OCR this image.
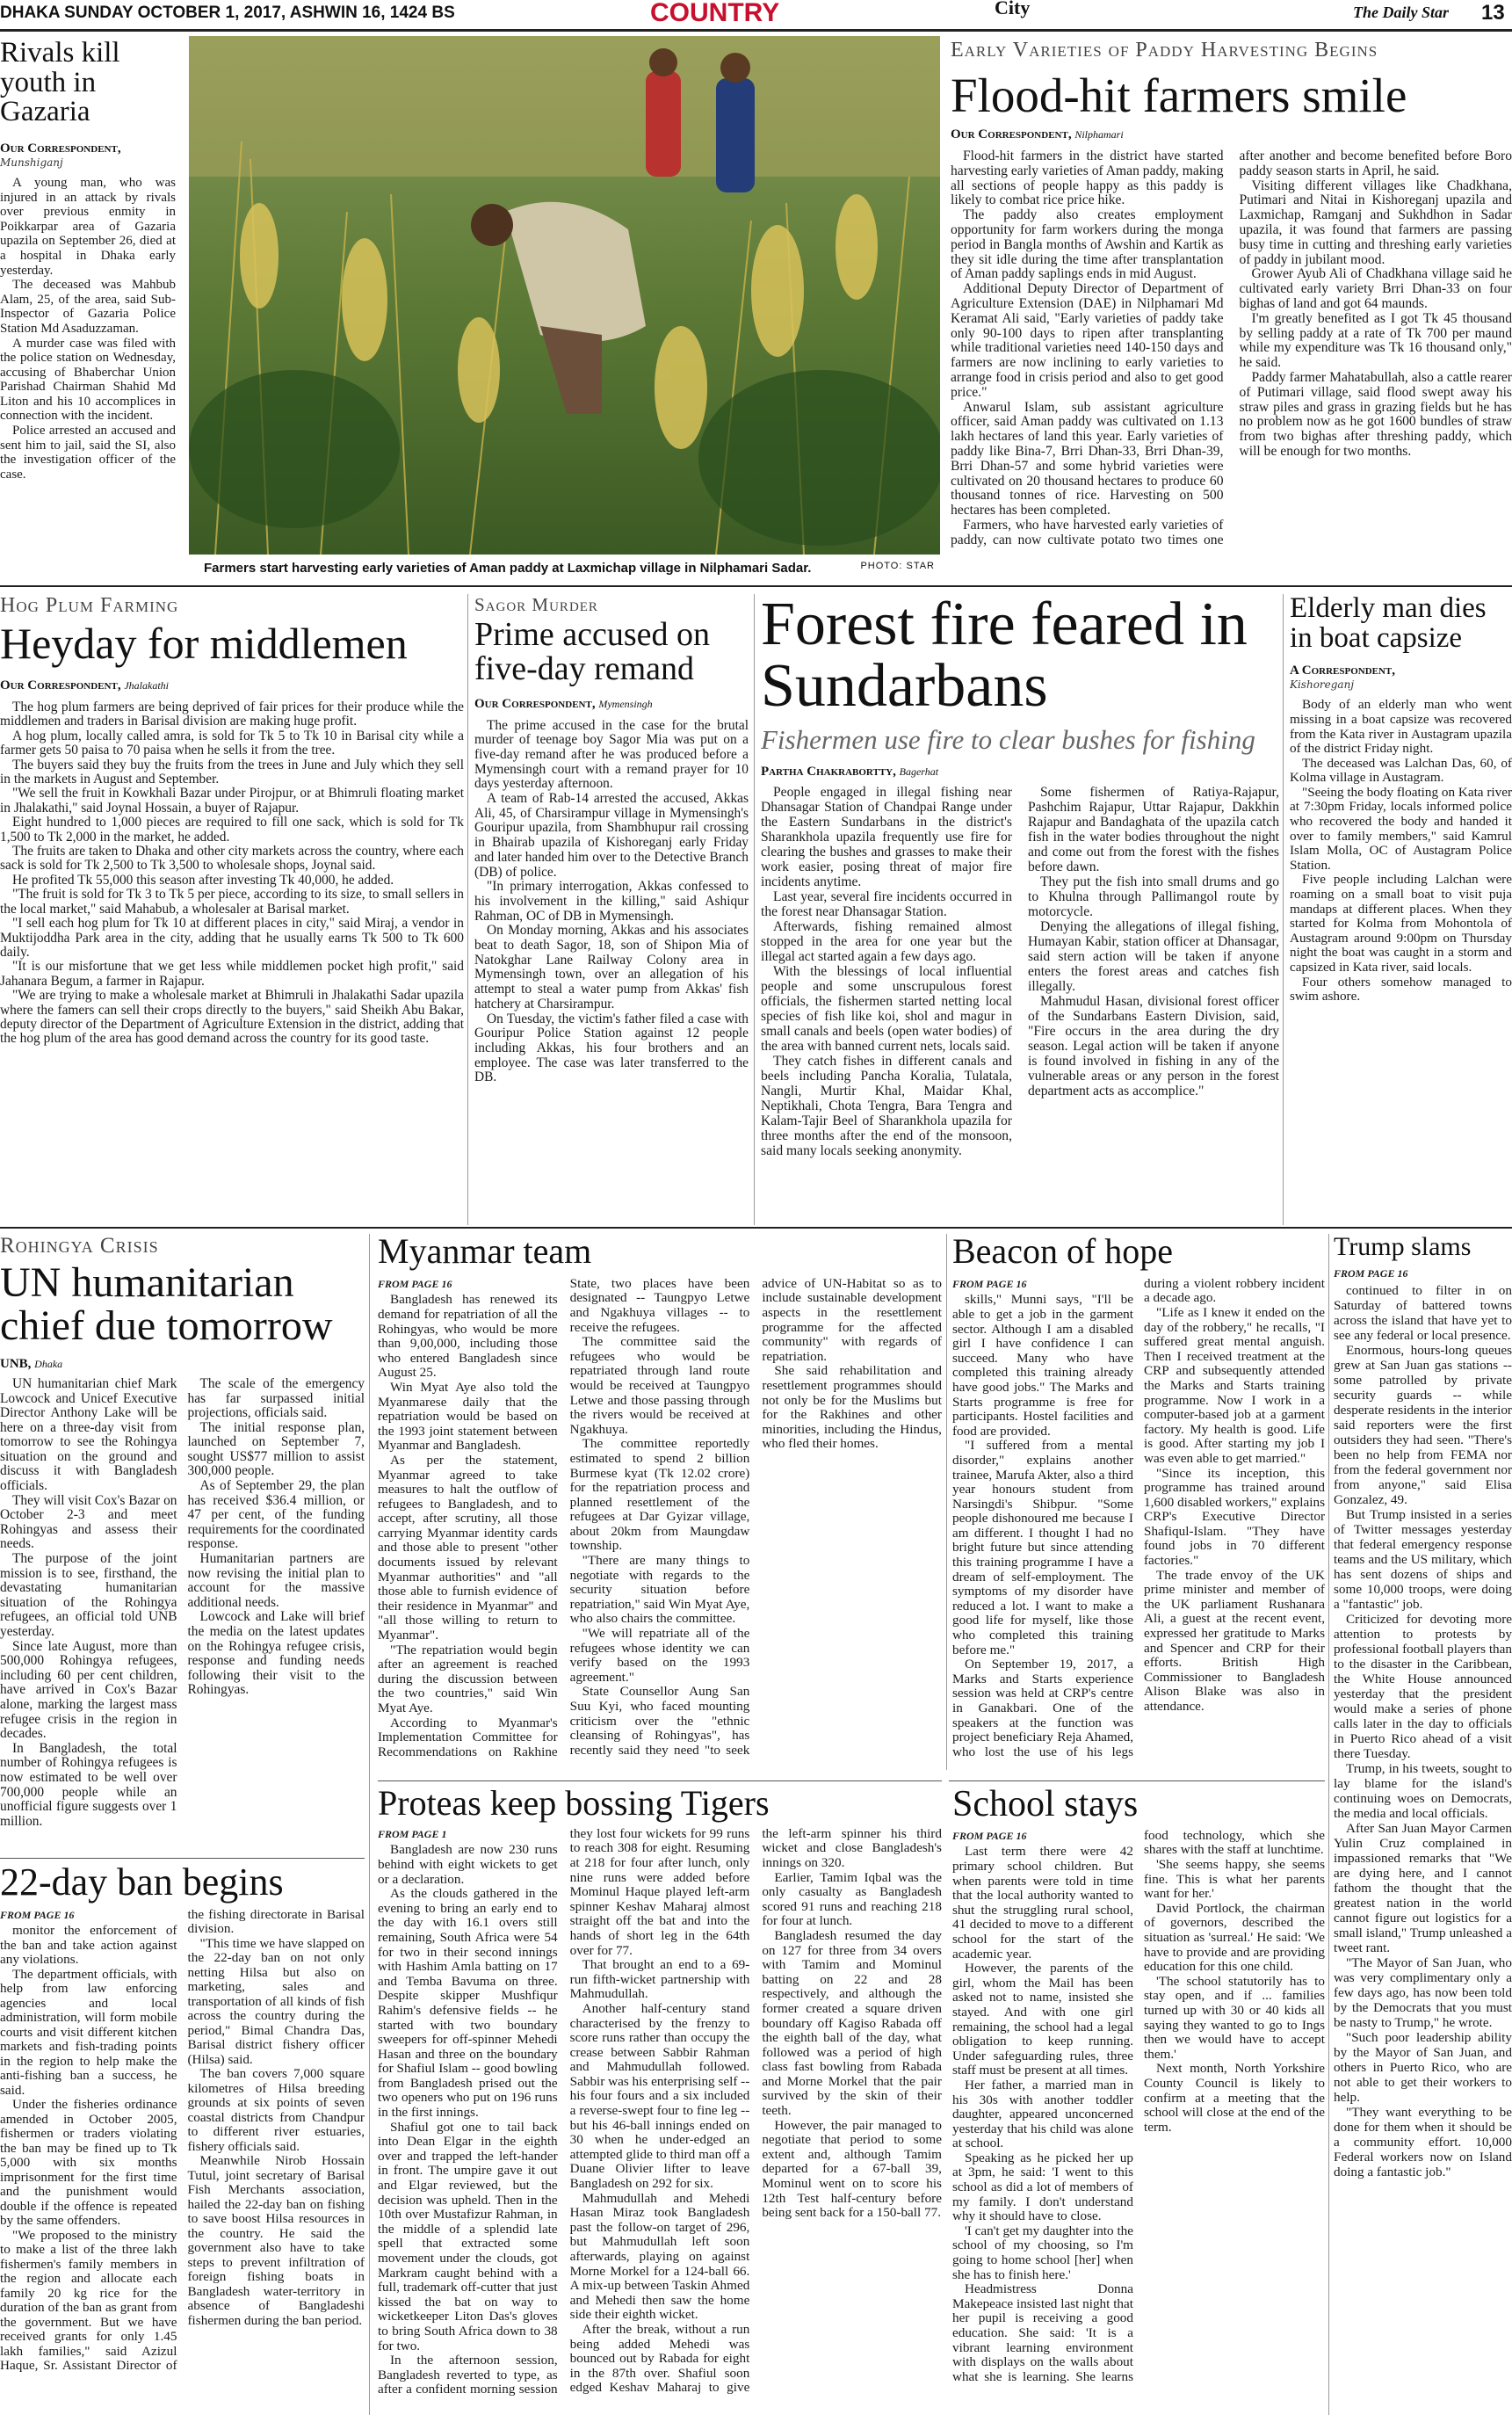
DHAKA SUNDAY OCTOBER 1, 2017, ASHWIN 16, 1424 BS	COUNTRY	City	The Daily Star 13
Rivals kill youth in Gazaria
Our Correspondent,
Munshiganj

A young man, who was injured in an attack by rivals over previous enmity in Poikkarpar area of Gazaria upazila on September 26, died at a hospital in Dhaka early yesterday.

The deceased was Mahbub Alam, 25, of the area, said Sub-Inspector of Gazaria Police Station Md Asaduzzaman.

A murder case was filed with the police station on Wednesday, accusing of Bhaberchar Union Parishad Chairman Shahid Md Liton and his 10 accomplices in connection with the incident.

Police arrested an accused and sent him to jail, said the SI, also the investigation officer of the case.

Farmers start harvesting early varieties of Aman paddy at Laxmichap village in Nilphamari Sadar.	PHOTO: STAR
Early Varieties of Paddy Harvesting Begins
Flood-hit farmers smile
Our Correspondent, Nilphamari

Flood-hit farmers in the district have started harvesting early varieties of Aman paddy, making all sections of people happy as this paddy is likely to combat rice price hike.

The paddy also creates employment opportunity for farm workers during the monga period in Bangla months of Awshin and Kartik as they sit idle during the time after transplantation of Aman paddy saplings ends in mid August.

Additional Deputy Director of Department of Agriculture Extension (DAE) in Nilphamari Md Keramat Ali said, "Early varieties of paddy take only 90-100 days to ripen after transplanting while traditional varieties need 140-150 days and farmers are now inclining to early varieties to arrange food in crisis period and also to get good price."

Anwarul Islam, sub assistant agriculture officer, said Aman paddy was cultivated on 1.13 lakh hectares of land this year. Early varieties of paddy like Bina-7, Brri Dhan-33, Brri Dhan-39, Brri Dhan-57 and some hybrid varieties were cultivated on 20 thousand hectares to produce 60 thousand tonnes of rice. Harvesting on 500 hectares has been completed.

Farmers, who have harvested early varieties of paddy, can now cultivate potato two times one after another and become benefited before Boro paddy season starts in April, he said.

Visiting different villages like Chadkhana, Putimari and Nitai in Kishoreganj upazila and Laxmichap, Ramganj and Sukhdhon in Sadar upazila, it was found that farmers are passing busy time in cutting and threshing early varieties of paddy in jubilant mood.

Grower Ayub Ali of Chadkhana village said he cultivated early variety Brri Dhan-33 on four bighas of land and got 64 maunds.

I'm greatly benefited as I got Tk 45 thousand by selling paddy at a rate of Tk 700 per maund while my expenditure was Tk 16 thousand only," he said.

Paddy farmer Mahatabullah, also a cattle rearer of Putimari village, said flood swept away his straw piles and grass in grazing fields but he has no problem now as he got 1600 bundles of straw from two bighas after threshing paddy, which will be enough for two months.

Hog Plum Farming
Heyday for middlemen
Our Correspondent, Jhalakathi

The hog plum farmers are being deprived of fair prices for their produce while the middlemen and traders in Barisal division are making huge profit.

A hog plum, locally called amra, is sold for Tk 5 to Tk 10 in Barisal city while a farmer gets 50 paisa to 70 paisa when he sells it from the tree.

The buyers said they buy the fruits from the trees in June and July which they sell in the markets in August and September.

"We sell the fruit in Kowkhali Bazar under Pirojpur, or at Bhimruli floating market in Jhalakathi," said Joynal Hossain, a buyer of Rajapur.

Eight hundred to 1,000 pieces are required to fill one sack, which is sold for Tk 1,500 to Tk 2,000 in the market, he added.

The fruits are taken to Dhaka and other city markets across the country, where each sack is sold for Tk 2,500 to Tk 3,500 to wholesale shops, Joynal said.

He profited Tk 55,000 this season after investing Tk 40,000, he added.

"The fruit is sold for Tk 3 to Tk 5 per piece, according to its size, to small sellers in the local market," said Mahabub, a wholesaler at Barisal market.

"I sell each hog plum for Tk 10 at different places in city," said Miraj, a vendor in Muktijoddha Park area in the city, adding that he usually earns Tk 500 to Tk 600 daily.

"It is our misfortune that we get less while middlemen pocket high profit," said Jahanara Begum, a farmer in Rajapur.

"We are trying to make a wholesale market at Bhimruli in Jhalakathi Sadar upazila where the famers can sell their crops directly to the buyers," said Sheikh Abu Bakar, deputy director of the Department of Agriculture Extension in the district, adding that the hog plum of the area has good demand across the country for its good taste.

Sagor Murder
Prime accused on five-day remand
Our Correspondent, Mymensingh

The prime accused in the case for the brutal murder of teenage boy Sagor Mia was put on a five-day remand after he was produced before a Mymensingh court with a remand prayer for 10 days yesterday afternoon.

A team of Rab-14 arrested the accused, Akkas Ali, 45, of Charsirampur village in Mymensingh's Gouripur upazila, from Shambhupur rail crossing in Bhairab upazila of Kishoreganj early Friday and later handed him over to the Detective Branch (DB) of police.

"In primary interrogation, Akkas confessed to his involvement in the killing," said Ashiqur Rahman, OC of DB in Mymensingh.

On Monday morning, Akkas and his associates beat to death Sagor, 18, son of Shipon Mia of Natokghar Lane Railway Colony area in Mymensingh town, over an allegation of his attempt to steal a water pump from Akkas' fish hatchery at Charsirampur.

On Tuesday, the victim's father filed a case with Gouripur Police Station against 12 people including Akkas, his four brothers and an employee. The case was later transferred to the DB.

Forest fire feared in Sundarbans
Fishermen use fire to clear bushes for fishing
Partha Chakrabortty, Bagerhat

People engaged in illegal fishing near Dhansagar Station of Chandpai Range under the Eastern Sundarbans in the district's Sharankhola upazila frequently use fire for clearing the bushes and grasses to make their work easier, posing threat of major fire incidents anytime.

Last year, several fire incidents occurred in the forest near Dhansagar Station.

Afterwards, fishing remained almost stopped in the area for one year but the illegal act started again a few days ago.

With the blessings of local influential people and some unscrupulous forest officials, the fishermen started netting local species of fish like koi, shol and magur in small canals and beels (open water bodies) of the area with banned current nets, locals said.

They catch fishes in different canals and beels including Pancha Koralia, Tulatala, Nangli, Murtir Khal, Maidar Khal, Neptikhali, Chota Tengra, Bara Tengra and Kalam-Tajir Beel of Sharankhola upazila for three months after the end of the monsoon, said many locals seeking anonymity.

Some fishermen of Ratiya-Rajapur, Pashchim Rajapur, Uttar Rajapur, Dakkhin Rajapur and Bandaghata of the upazila catch fish in the water bodies throughout the night and come out from the forest with the fishes before dawn.

They put the fish into small drums and go to Khulna through Pallimangol route by motorcycle.

Denying the allegations of illegal fishing, Humayan Kabir, station officer at Dhansagar, said stern action will be taken if anyone enters the forest areas and catches fish illegally.

Mahmudul Hasan, divisional forest officer of the Sundarbans Eastern Division, said, "Fire occurs in the area during the dry season. Legal action will be taken if anyone is found involved in fishing in any of the vulnerable areas or any person in the forest department acts as accomplice."

Elderly man dies in boat capsize
A Correspondent,
Kishoreganj

Body of an elderly man who went missing in a boat capsize was recovered from the Kata river in Austagram upazila of the district Friday night.

The deceased was Lalchan Das, 60, of Kolma village in Austagram.

"Seeing the body floating on Kata river at 7:30pm Friday, locals informed police who recovered the body and handed it over to family members," said Kamrul Islam Molla, OC of Austagram Police Station.

Five people including Lalchan were roaming on a small boat to visit puja mandaps at different places. When they started for Kolma from Mohontola of Austagram around 9:00pm on Thursday night the boat was caught in a storm and capsized in Kata river, said locals.

Four others somehow managed to swim ashore.

Rohingya Crisis
UN humanitarian chief due tomorrow
UNB, Dhaka

UN humanitarian chief Mark Lowcock and Unicef Executive Director Anthony Lake will be here on a three-day visit from tomorrow to see the Rohingya situation on the ground and discuss it with Bangladesh officials.

They will visit Cox's Bazar on October 2-3 and meet Rohingyas and assess their needs.

The purpose of the joint mission is to see, firsthand, the devastating humanitarian situation of the Rohingya refugees, an official told UNB yesterday.

Since late August, more than 500,000 Rohingya refugees, including 60 per cent children, have arrived in Cox's Bazar alone, marking the largest mass refugee crisis in the region in decades.

In Bangladesh, the total number of Rohingya refugees is now estimated to be well over 700,000 people while an unofficial figure suggests over 1 million.

The scale of the emergency has far surpassed initial projections, officials said.

The initial response plan, launched on September 7, sought US$77 million to assist 300,000 people.

As of September 29, the plan has received $36.4 million, or 47 per cent, of the funding requirements for the coordinated response.

Humanitarian partners are now revising the initial plan to account for the massive additional needs.

Lowcock and Lake will brief the media on the latest updates on the Rohingya refugee crisis, response and funding needs following their visit to the Rohingyas.

22-day ban begins
FROM PAGE 16

monitor the enforcement of the ban and take action against any violations.

The department officials, with help from law enforcing agencies and local administration, will form mobile courts and visit different kitchen markets and fish-trading points in the region to help make the anti-fishing ban a success, he said.

Under the fisheries ordinance amended in October 2005, fishermen or traders violating the ban may be fined up to Tk 5,000 with six months imprisonment for the first time and the punishment would double if the offence is repeated by the same offenders.

"We proposed to the ministry to make a list of the three lakh fishermen's family members in the region and allocate each family 20 kg rice for the duration of the ban as grant from the government. But we have received grants for only 1.45 lakh families," said Azizul Haque, Sr. Assistant Director of the fishing directorate in Barisal division.

"This time we have slapped on the 22-day ban on not only netting Hilsa but also on marketing, sales and transportation of all kinds of fish across the country during the period," Bimal Chandra Das, Barisal district fishery officer (Hilsa) said.

The ban covers 7,000 square kilometres of Hilsa breeding grounds at six points of seven coastal districts from Chandpur to different river estuaries, fishery officials said.

Meanwhile Nirob Hossain Tutul, joint secretary of Barisal Fish Merchants association, hailed the 22-day ban on fishing to save boost Hilsa resources in the country. He said the government also have to take steps to prevent infiltration of foreign fishing boats in Bangladesh water-territory in absence of Bangladeshi fishermen during the ban period.

Myanmar team
FROM PAGE 16

Bangladesh has renewed its demand for repatriation of all the Rohingyas, who would be more than 9,00,000, including those who entered Bangladesh since August 25.

Win Myat Aye also told the Myanmarese daily that the repatriation would be based on the 1993 joint statement between Myanmar and Bangladesh.

As per the statement, Myanmar agreed to take measures to halt the outflow of refugees to Bangladesh, and to accept, after scrutiny, all those carrying Myanmar identity cards and those able to present "other documents issued by relevant Myanmar authorities" and "all those able to furnish evidence of their residence in Myanmar" and "all those willing to return to Myanmar".

"The repatriation would begin after an agreement is reached during the discussion between the two countries," said Win Myat Aye.

According to Myanmar's Implementation Committee for Recommendations on Rakhine State, two places have been designated -- Taungpyo Letwe and Ngakhuya villages -- to receive the refugees.

The committee said the refugees who would be repatriated through land route would be received at Taungpyo Letwe and those passing through the rivers would be received at Ngakhuya.

The committee reportedly estimated to spend 2 billion Burmese kyat (Tk 12.02 crore) for the repatriation process and planned resettlement of the refugees at Dar Gyizar village, about 20km from Maungdaw township.

"There are many things to negotiate with regards to the security situation before repatriation," said Win Myat Aye, who also chairs the committee.

"We will repatriate all of the refugees whose identity we can verify based on the 1993 agreement."

State Counsellor Aung San Suu Kyi, who faced mounting criticism over the "ethnic cleansing of Rohingyas", has recently said they need "to seek advice of UN-Habitat so as to include sustainable development aspects in the resettlement programme for the affected community" with regards of repatriation.

She said rehabilitation and resettlement programmes should not only be for the Muslims but for the Rakhines and other minorities, including the Hindus, who fled their homes.

Beacon of hope
FROM PAGE 16

skills," Munni says, "I'll be able to get a job in the garment sector. Although I am a disabled girl I have confidence I can succeed. Many who have completed this training already have good jobs." The Marks and Starts programme is free for participants. Hostel facilities and food are provided.

"I suffered from a mental disorder," explains another trainee, Marufa Akter, also a third year honours student from Narsingdi's Shibpur. "Some people dishonoured me because I am different. I thought I had no bright future but since attending this training programme I have a dream of self-employment. The symptoms of my disorder have reduced a lot. I want to make a good life for myself, like those who completed this training before me."

On September 19, 2017, a Marks and Starts experience session was held at CRP's centre in Ganakbari. One of the speakers at the function was project beneficiary Reja Ahamed, who lost the use of his legs during a violent robbery incident a decade ago.

"Life as I knew it ended on the day of the robbery," he recalls, "I suffered great mental anguish. Then I received treatment at the CRP and subsequently attended the Marks and Starts training programme. Now I work in a computer-based job at a garment factory. My health is good. Life is good. After starting my job I was even able to get married."

"Since its inception, this programme has trained around 1,600 disabled workers," explains CRP's Executive Director Shafiqul-Islam. "They have found jobs in 70 different factories."

The trade envoy of the UK prime minister and member of the UK parliament Rushanara Ali, a guest at the recent event, expressed her gratitude to Marks and Spencer and CRP for their efforts. British High Commissioner to Bangladesh Alison Blake was also in attendance.

Proteas keep bossing Tigers
FROM PAGE 1

Bangladesh are now 230 runs behind with eight wickets to get or a declaration.

As the clouds gathered in the evening to bring an early end to the day with 16.1 overs still remaining, South Africa were 54 for two in their second innings with Hashim Amla batting on 17 and Temba Bavuma on three. Despite skipper Mushfiqur Rahim's defensive fields -- he started with two boundary sweepers for off-spinner Mehedi Hasan and three on the boundary for Shafiul Islam -- good bowling from Bangladesh prised out the two openers who put on 196 runs in the first innings.

Shafiul got one to tail back into Dean Elgar in the eighth over and trapped the left-hander in front. The umpire gave it out and Elgar reviewed, but the decision was upheld. Then in the 10th over Mustafizur Rahman, in the middle of a splendid late spell that extracted some movement under the clouds, got Markram caught behind with a full, trademark off-cutter that just kissed the bat on way to wicketkeeper Liton Das's gloves to bring South Africa down to 38 for two.

In the afternoon session, Bangladesh reverted to type, as after a confident morning session they lost four wickets for 99 runs to reach 308 for eight. Resuming at 218 for four after lunch, only nine runs were added before Mominul Haque played left-arm spinner Keshav Maharaj almost straight off the bat and into the hands of short leg in the 64th over for 77.

That brought an end to a 69-run fifth-wicket partnership with Mahmudullah.

Another half-century stand characterised by the frenzy to score runs rather than occupy the crease between Sabbir Rahman and Mahmudullah followed. Sabbir was his enterprising self -- his four fours and a six included a reverse-swept four to fine leg -- but his 46-ball innings ended on 30 when he under-edged an attempted glide to third man off a Duane Olivier lifter to leave Bangladesh on 292 for six.

Mahmudullah and Mehedi Hasan Miraz took Bangladesh past the follow-on target of 296, but Mahmudullah left soon afterwards, playing on against Morne Morkel for a 124-ball 66. A mix-up between Taskin Ahmed and Mehedi then saw the home side their eighth wicket.

After the break, without a run being added Mehedi was bounced out by Rabada for eight in the 87th over. Shafiul soon edged Keshav Maharaj to give the left-arm spinner his third wicket and close Bangladesh's innings on 320.

Earlier, Tamim Iqbal was the only casualty as Bangladesh scored 91 runs and reaching 218 for four at lunch.

Bangladesh resumed the day on 127 for three from 34 overs with Tamim and Mominul batting on 22 and 28 respectively, and although the former created a square driven boundary off Kagiso Rabada off the eighth ball of the day, what followed was a period of high class fast bowling from Rabada and Morne Morkel that the pair survived by the skin of their teeth.

However, the pair managed to negotiate that period to some extent and, although Tamim departed for a 67-ball 39, Mominul went on to score his 12th Test half-century before being sent back for a 150-ball 77.

School stays
FROM PAGE 16

Last term there were 42 primary school children. But when parents were told in time that the local authority wanted to shut the struggling rural school, 41 decided to move to a different school for the start of the academic year.

However, the parents of the girl, whom the Mail has been asked not to name, insisted she stayed. And with one girl remaining, the school had a legal obligation to keep running. Under safeguarding rules, three staff must be present at all times.

Her father, a married man in his 30s with another toddler daughter, appeared unconcerned yesterday that his child was alone at school.

Speaking as he picked her up at 3pm, he said: 'I went to this school as did a lot of members of my family. I don't understand why it should have to close.

'I can't get my daughter into the school of my choosing, so I'm going to home school [her] when she has to finish here.'

Headmistress Donna Makepeace insisted last night that her pupil is receiving a good education. She said: 'It is a vibrant learning environment with displays on the walls about what she is learning. She learns food technology, which she shares with the staff at lunchtime.

'She seems happy, she seems fine. This is what her parents want for her.'

David Portlock, the chairman of governors, described the situation as 'surreal.' He said: 'We have to provide and are providing education for this one child.

'The school statutorily has to stay open, and if ... families turned up with 30 or 40 kids all saying they wanted to go to Ings then we would have to accept them.'

Next month, North Yorkshire County Council is likely to confirm at a meeting that the school will close at the end of the term.

Trump slams
FROM PAGE 16

continued to filter in on Saturday of battered towns across the island that have yet to see any federal or local presence.

Enormous, hours-long queues grew at San Juan gas stations -- some patrolled by private security guards -- while desperate residents in the interior said reporters were the first outsiders they had seen. "There's been no help from FEMA nor from the federal government nor from anyone," said Elisa Gonzalez, 49.

But Trump insisted in a series of Twitter messages yesterday that federal emergency response teams and the US military, which has sent dozens of ships and some 10,000 troops, were doing a "fantastic" job.

Criticized for devoting more attention to protests by professional football players than to the disaster in the Caribbean, the White House announced yesterday that the president would make a series of phone calls later in the day to officials in Puerto Rico ahead of a visit there Tuesday.

Trump, in his tweets, sought to lay blame for the island's continuing woes on Democrats, the media and local officials.

After San Juan Mayor Carmen Yulin Cruz complained in impassioned remarks that "We are dying here, and I cannot fathom the thought that the greatest nation in the world cannot figure out logistics for a small island," Trump unleashed a tweet rant.

"The Mayor of San Juan, who was very complimentary only a few days ago, has now been told by the Democrats that you must be nasty to Trump," he wrote.

"Such poor leadership ability by the Mayor of San Juan, and others in Puerto Rico, who are not able to get their workers to help.

"They want everything to be done for them when it should be a community effort. 10,000 Federal workers now on Island doing a fantastic job."
